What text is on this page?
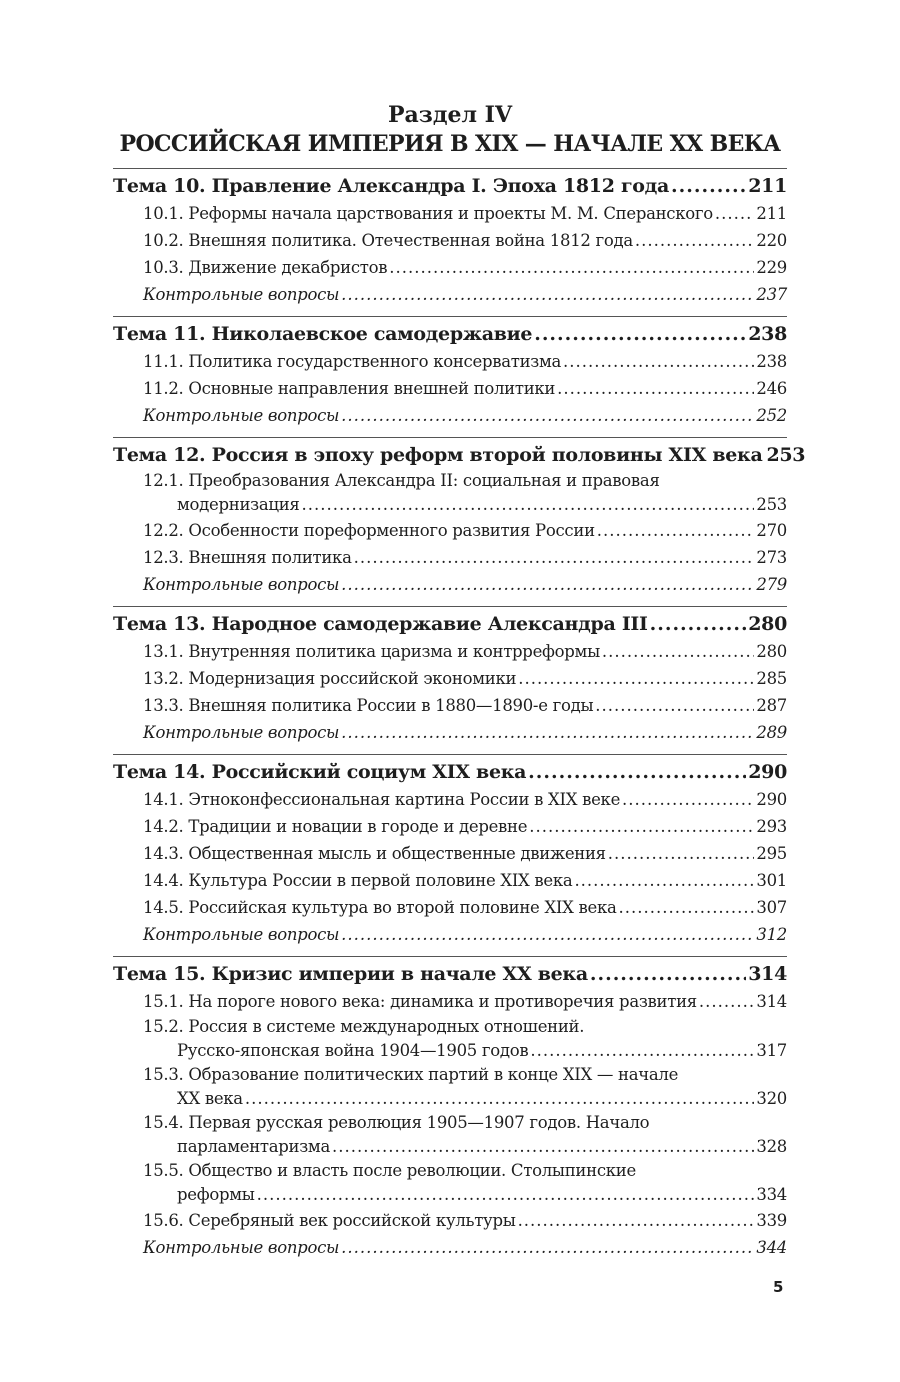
Раздел IV
РОССИЙСКАЯ ИМПЕРИЯ В XIX — НАЧАЛЕ XX ВЕКА
Тема 10. Правление Александра I. Эпоха 1812 года .....	211
10.1. Реформы начала царствования и проекты М. М. Сперанского .....	211
10.2. Внешняя политика. Отечественная война 1812 года .....	220
10.3. Движение декабристов .....	229
Контрольные вопросы .....	237
Тема 11. Николаевское самодержавие .....	238
11.1. Политика государственного консерватизма .....	238
11.2. Основные направления внешней политики .....	246
Контрольные вопросы .....	252
Тема 12. Россия в эпоху реформ второй половины XIX века 253
12.1. Преобразования Александра II: социальная и правовая
модернизация .....	253
12.2. Особенности пореформенного развития России .....	270
12.3. Внешняя политика .....	273
Контрольные вопросы .....	279
Тема 13. Народное самодержавие Александра III .....	280
13.1. Внутренняя политика царизма и контрреформы .....	280
13.2. Модернизация российской экономики .....	285
13.3. Внешняя политика России в 1880—1890-е годы .....	287
Контрольные вопросы .....	289
Тема 14. Российский социум XIX века .....	290
14.1. Этноконфессиональная картина России в XIX веке .....	290
14.2. Традиции и новации в городе и деревне .....	293
14.3. Общественная мысль и общественные движения .....	295
14.4. Культура России в первой половине XIX века .....	301
14.5. Российская культура во второй половине XIX века .....	307
Контрольные вопросы .....	312
Тема 15. Кризис империи в начале XX века .....	314
15.1. На пороге нового века: динамика и противоречия развития .....	314
15.2. Россия в системе международных отношений.
Русско-японская война 1904—1905 годов .....	317
15.3. Образование политических партий в конце XIX — начале
XX века .....	320
15.4. Первая русская революция 1905—1907 годов. Начало
парламентаризма .....	328
15.5. Общество и власть после революции. Столыпинские
реформы .....	334
15.6. Серебряный век российской культуры .....	339
Контрольные вопросы .....	344
5
